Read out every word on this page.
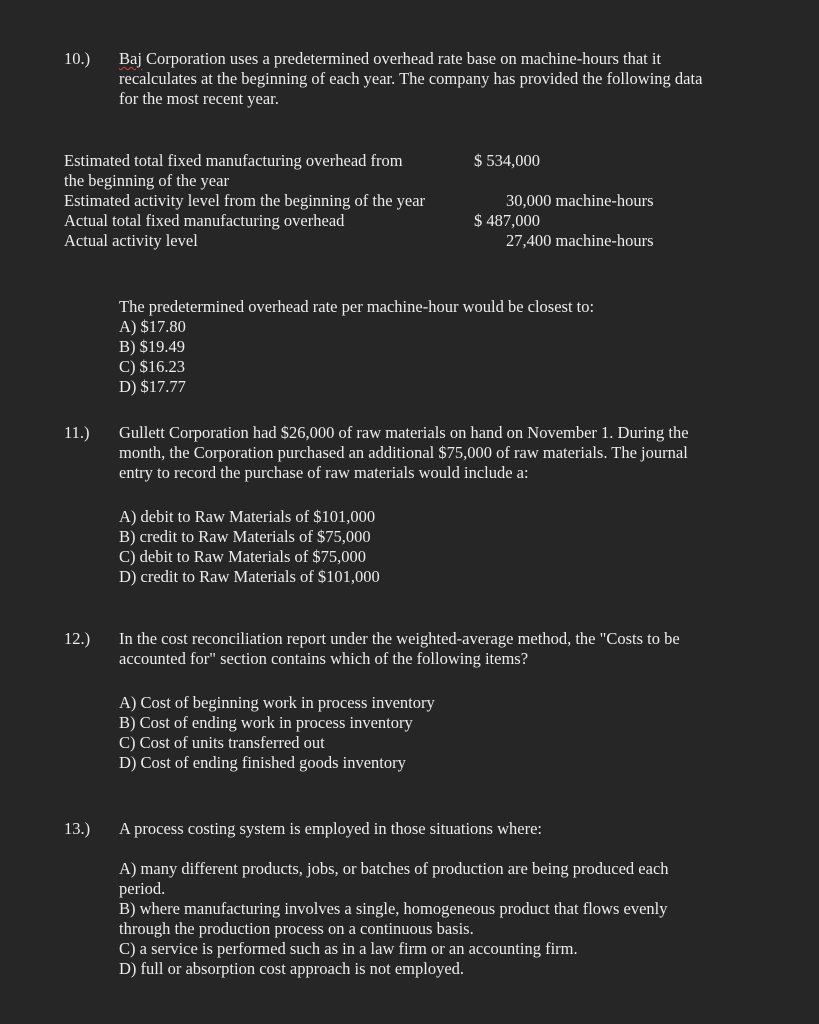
10.) Baj Corporation uses a predetermined overhead rate base on machine-hours that it
recalculates at the beginning of each year. The company has provided the following data
for the most recent year.
Estimated total fixed manufacturing overhead from	$ 534,000
the beginning of the year
Estimated activity level from the beginning of the year	30,000 machine-hours
Actual total fixed manufacturing overhead	$ 487,000
Actual activity level	27,400 machine-hours
The predetermined overhead rate per machine-hour would be closest to:
A) $17.80
B) $19.49
C) $16.23
D) $17.77
11.) Gullett Corporation had $26,000 of raw materials on hand on November 1. During the
month, the Corporation purchased an additional $75,000 of raw materials. The journal
entry to record the purchase of raw materials would include a:
A) debit to Raw Materials of $101,000
B) credit to Raw Materials of $75,000
C) debit to Raw Materials of $75,000
D) credit to Raw Materials of $101,000
12.) In the cost reconciliation report under the weighted-average method, the "Costs to be
accounted for" section contains which of the following items?
A) Cost of beginning work in process inventory
B) Cost of ending work in process inventory
C) Cost of units transferred out
D) Cost of ending finished goods inventory
13.) A process costing system is employed in those situations where:
A) many different products, jobs, or batches of production are being produced each
period.
B) where manufacturing involves a single, homogeneous product that flows evenly
through the production process on a continuous basis.
C) a service is performed such as in a law firm or an accounting firm.
D) full or absorption cost approach is not employed.
